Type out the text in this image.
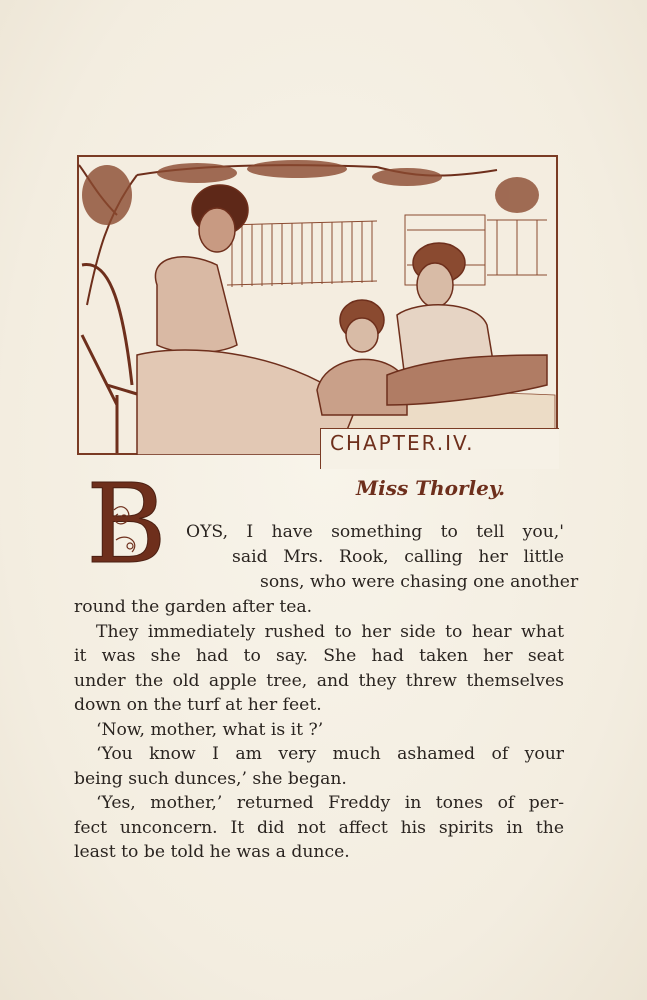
CHAPTER.IV.
Miss Thorley.
B OYS, I have something to tell you,'
said Mrs. Rook, calling her little
sons, who were chasing one another
round the garden after tea.
They immediately rushed to her side to hear what
it was she had to say. She had taken her seat
under the old apple tree, and they threw themselves
down on the turf at her feet.
‘Now, mother, what is it ?’
‘You know I am very much ashamed of your
being such dunces,’ she began.
‘Yes, mother,’ returned Freddy in tones of per-
fect unconcern. It did not affect his spirits in the
least to be told he was a dunce.
